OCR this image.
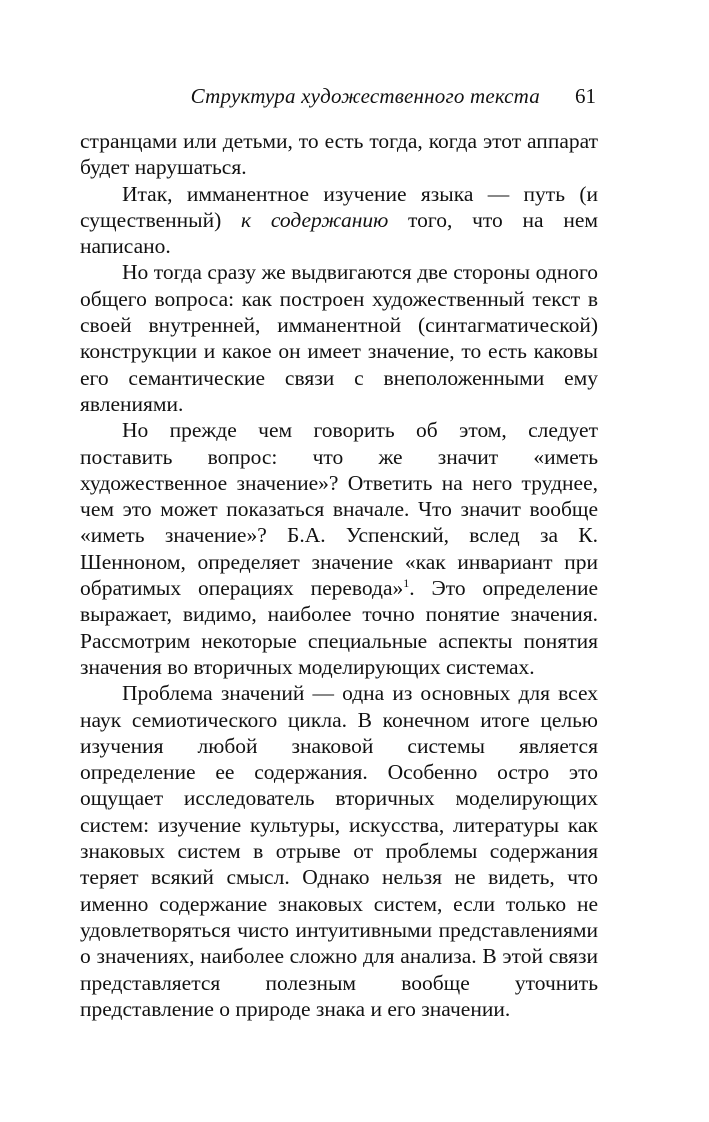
Структура художественного текста 61

странцами или детьми, то есть тогда, когда этот аппарат будет нарушаться.

Итак, имманентное изучение языка — путь (и существенный) к содержанию того, что на нем написано.

Но тогда сразу же выдвигаются две стороны одного общего вопроса: как построен художественный текст в своей внутренней, имманентной (синтагматической) конструкции и какое он имеет значение, то есть каковы его семантические связи с внеположенными ему явлениями.

Но прежде чем говорить об этом, следует поставить вопрос: что же значит «иметь художественное значение»? Ответить на него труднее, чем это может показаться вначале. Что значит вообще «иметь значение»? Б.А. Успенский, вслед за К. Шенноном, определяет значение «как инвариант при обратимых операциях перевода»$^1$. Это определение выражает, видимо, наиболее точно понятие значения. Рассмотрим некоторые специальные аспекты понятия значения во вторичных моделирующих системах.

Проблема значений — одна из основных для всех наук семиотического цикла. В конечном итоге целью изучения любой знаковой системы является определение ее содержания. Особенно остро это ощущает исследователь вторичных моделирующих систем: изучение культуры, искусства, литературы как знаковых систем в отрыве от проблемы содержания теряет всякий смысл. Однако нельзя не видеть, что именно содержание знаковых систем, если только не удовлетворяться чисто интуитивными представлениями о значениях, наиболее сложно для анализа. В этой связи представляется полезным вообще уточнить представление о природе знака и его значении.
